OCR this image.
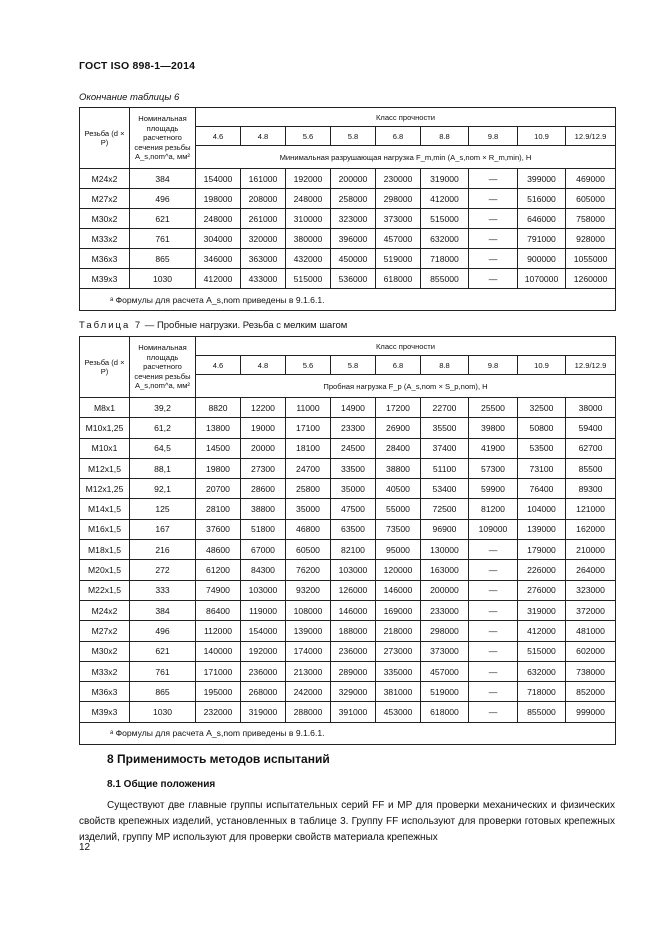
ГОСТ ISO 898-1—2014
Окончание таблицы 6
Резьба (d × P)	Номинальная площадь расчетного сечения резьбы A_s,nom^a, мм²	Класс прочности								
		4.6	4.8	5.6	5.8	6.8	8.8	9.8	10.9	12.9/12.9
		Минимальная разрушающая нагрузка F_m,min (A_s,nom × R_m,min), Н								
M24x2	384	154000	161000	192000	200000	230000	319000	—	399000	469000
M27x2	496	198000	208000	248000	258000	298000	412000	—	516000	605000
M30x2	621	248000	261000	310000	323000	373000	515000	—	646000	758000
M33x2	761	304000	320000	380000	396000	457000	632000	—	791000	928000
M36x3	865	346000	363000	432000	450000	519000	718000	—	900000	1055000
M39x3	1030	412000	433000	515000	536000	618000	855000	—	1070000	1260000
ᵃ Формулы для расчета A_s,nom приведены в 9.1.6.1.										
Таблица 7 — Пробные нагрузки. Резьба с мелким шагом
Резьба (d × P)	Номинальная площадь расчетного сечения резьбы A_s,nom^a, мм²	Класс прочности								
		4.6	4.8	5.6	5.8	6.8	8.8	9.8	10.9	12.9/12.9
		Пробная нагрузка F_p (A_s,nom × S_p,nom), Н								
M8x1	39,2	8820	12200	11000	14900	17200	22700	25500	32500	38000
M10x1,25	61,2	13800	19000	17100	23300	26900	35500	39800	50800	59400
M10x1	64,5	14500	20000	18100	24500	28400	37400	41900	53500	62700
M12x1,5	88,1	19800	27300	24700	33500	38800	51100	57300	73100	85500
M12x1,25	92,1	20700	28600	25800	35000	40500	53400	59900	76400	89300
M14x1,5	125	28100	38800	35000	47500	55000	72500	81200	104000	121000
M16x1,5	167	37600	51800	46800	63500	73500	96900	109000	139000	162000
M18x1,5	216	48600	67000	60500	82100	95000	130000	—	179000	210000
M20x1,5	272	61200	84300	76200	103000	120000	163000	—	226000	264000
M22x1,5	333	74900	103000	93200	126000	146000	200000	—	276000	323000
M24x2	384	86400	119000	108000	146000	169000	233000	—	319000	372000
M27x2	496	112000	154000	139000	188000	218000	298000	—	412000	481000
M30x2	621	140000	192000	174000	236000	273000	373000	—	515000	602000
M33x2	761	171000	236000	213000	289000	335000	457000	—	632000	738000
M36x3	865	195000	268000	242000	329000	381000	519000	—	718000	852000
M39x3	1030	232000	319000	288000	391000	453000	618000	—	855000	999000
ᵃ Формулы для расчета A_s,nom приведены в 9.1.6.1.										
8 Применимость методов испытаний
8.1 Общие положения
Существуют две главные группы испытательных серий FF и MP для проверки механических и физических свойств крепежных изделий, установленных в таблице 3. Группу FF используют для проверки готовых крепежных изделий, группу MP используют для проверки свойств материала крепежных
12
